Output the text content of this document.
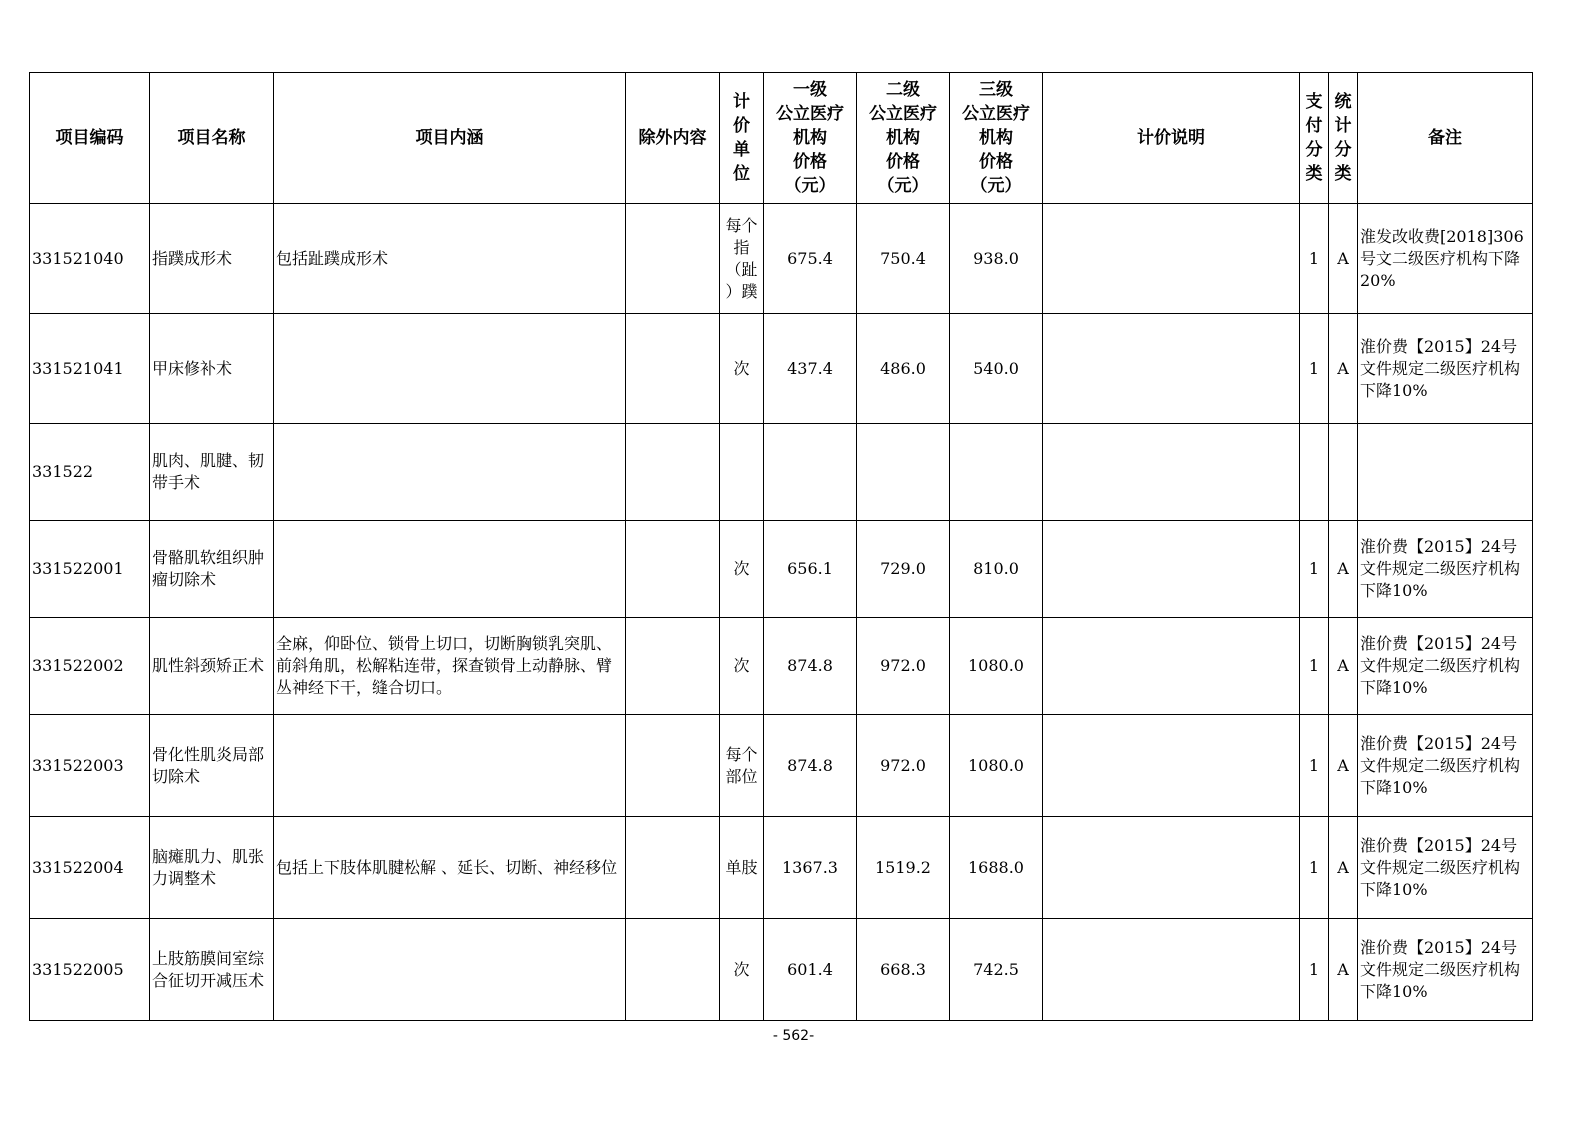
项目编码	项目名称	项目内涵	除外内容	计
价
单
位	一级
公立医疗
机构
价格
（元）	二级
公立医疗
机构
价格
（元）	三级
公立医疗
机构
价格
（元）	计价说明	支
付
分
类	统
计
分
类	备注
331521040	指蹼成形术	包括趾蹼成形术		每个
指
（趾
）蹼	675.4	750.4	938.0		1	A	淮发改收费[2018]306号文二级医疗机构下降20%
331521041	甲床修补术			次	437.4	486.0	540.0		1	A	淮价费【2015】24号文件规定二级医疗机构下降10%
331522	肌肉、肌腱、韧带手术										
331522001	骨骼肌软组织肿瘤切除术			次	656.1	729.0	810.0		1	A	淮价费【2015】24号文件规定二级医疗机构下降10%
331522002	肌性斜颈矫正术	全麻，仰卧位、锁骨上切口，切断胸锁乳突肌、前斜角肌，松解粘连带，探查锁骨上动静脉、臂丛神经下干，缝合切口。		次	874.8	972.0	1080.0		1	A	淮价费【2015】24号文件规定二级医疗机构下降10%
331522003	骨化性肌炎局部切除术			每个
部位	874.8	972.0	1080.0		1	A	淮价费【2015】24号文件规定二级医疗机构下降10%
331522004	脑瘫肌力、肌张力调整术	包括上下肢体肌腱松解 、延长、切断、神经移位		单肢	1367.3	1519.2	1688.0		1	A	淮价费【2015】24号文件规定二级医疗机构下降10%
331522005	上肢筋膜间室综合征切开减压术			次	601.4	668.3	742.5		1	A	淮价费【2015】24号文件规定二级医疗机构下降10%
- 562-
